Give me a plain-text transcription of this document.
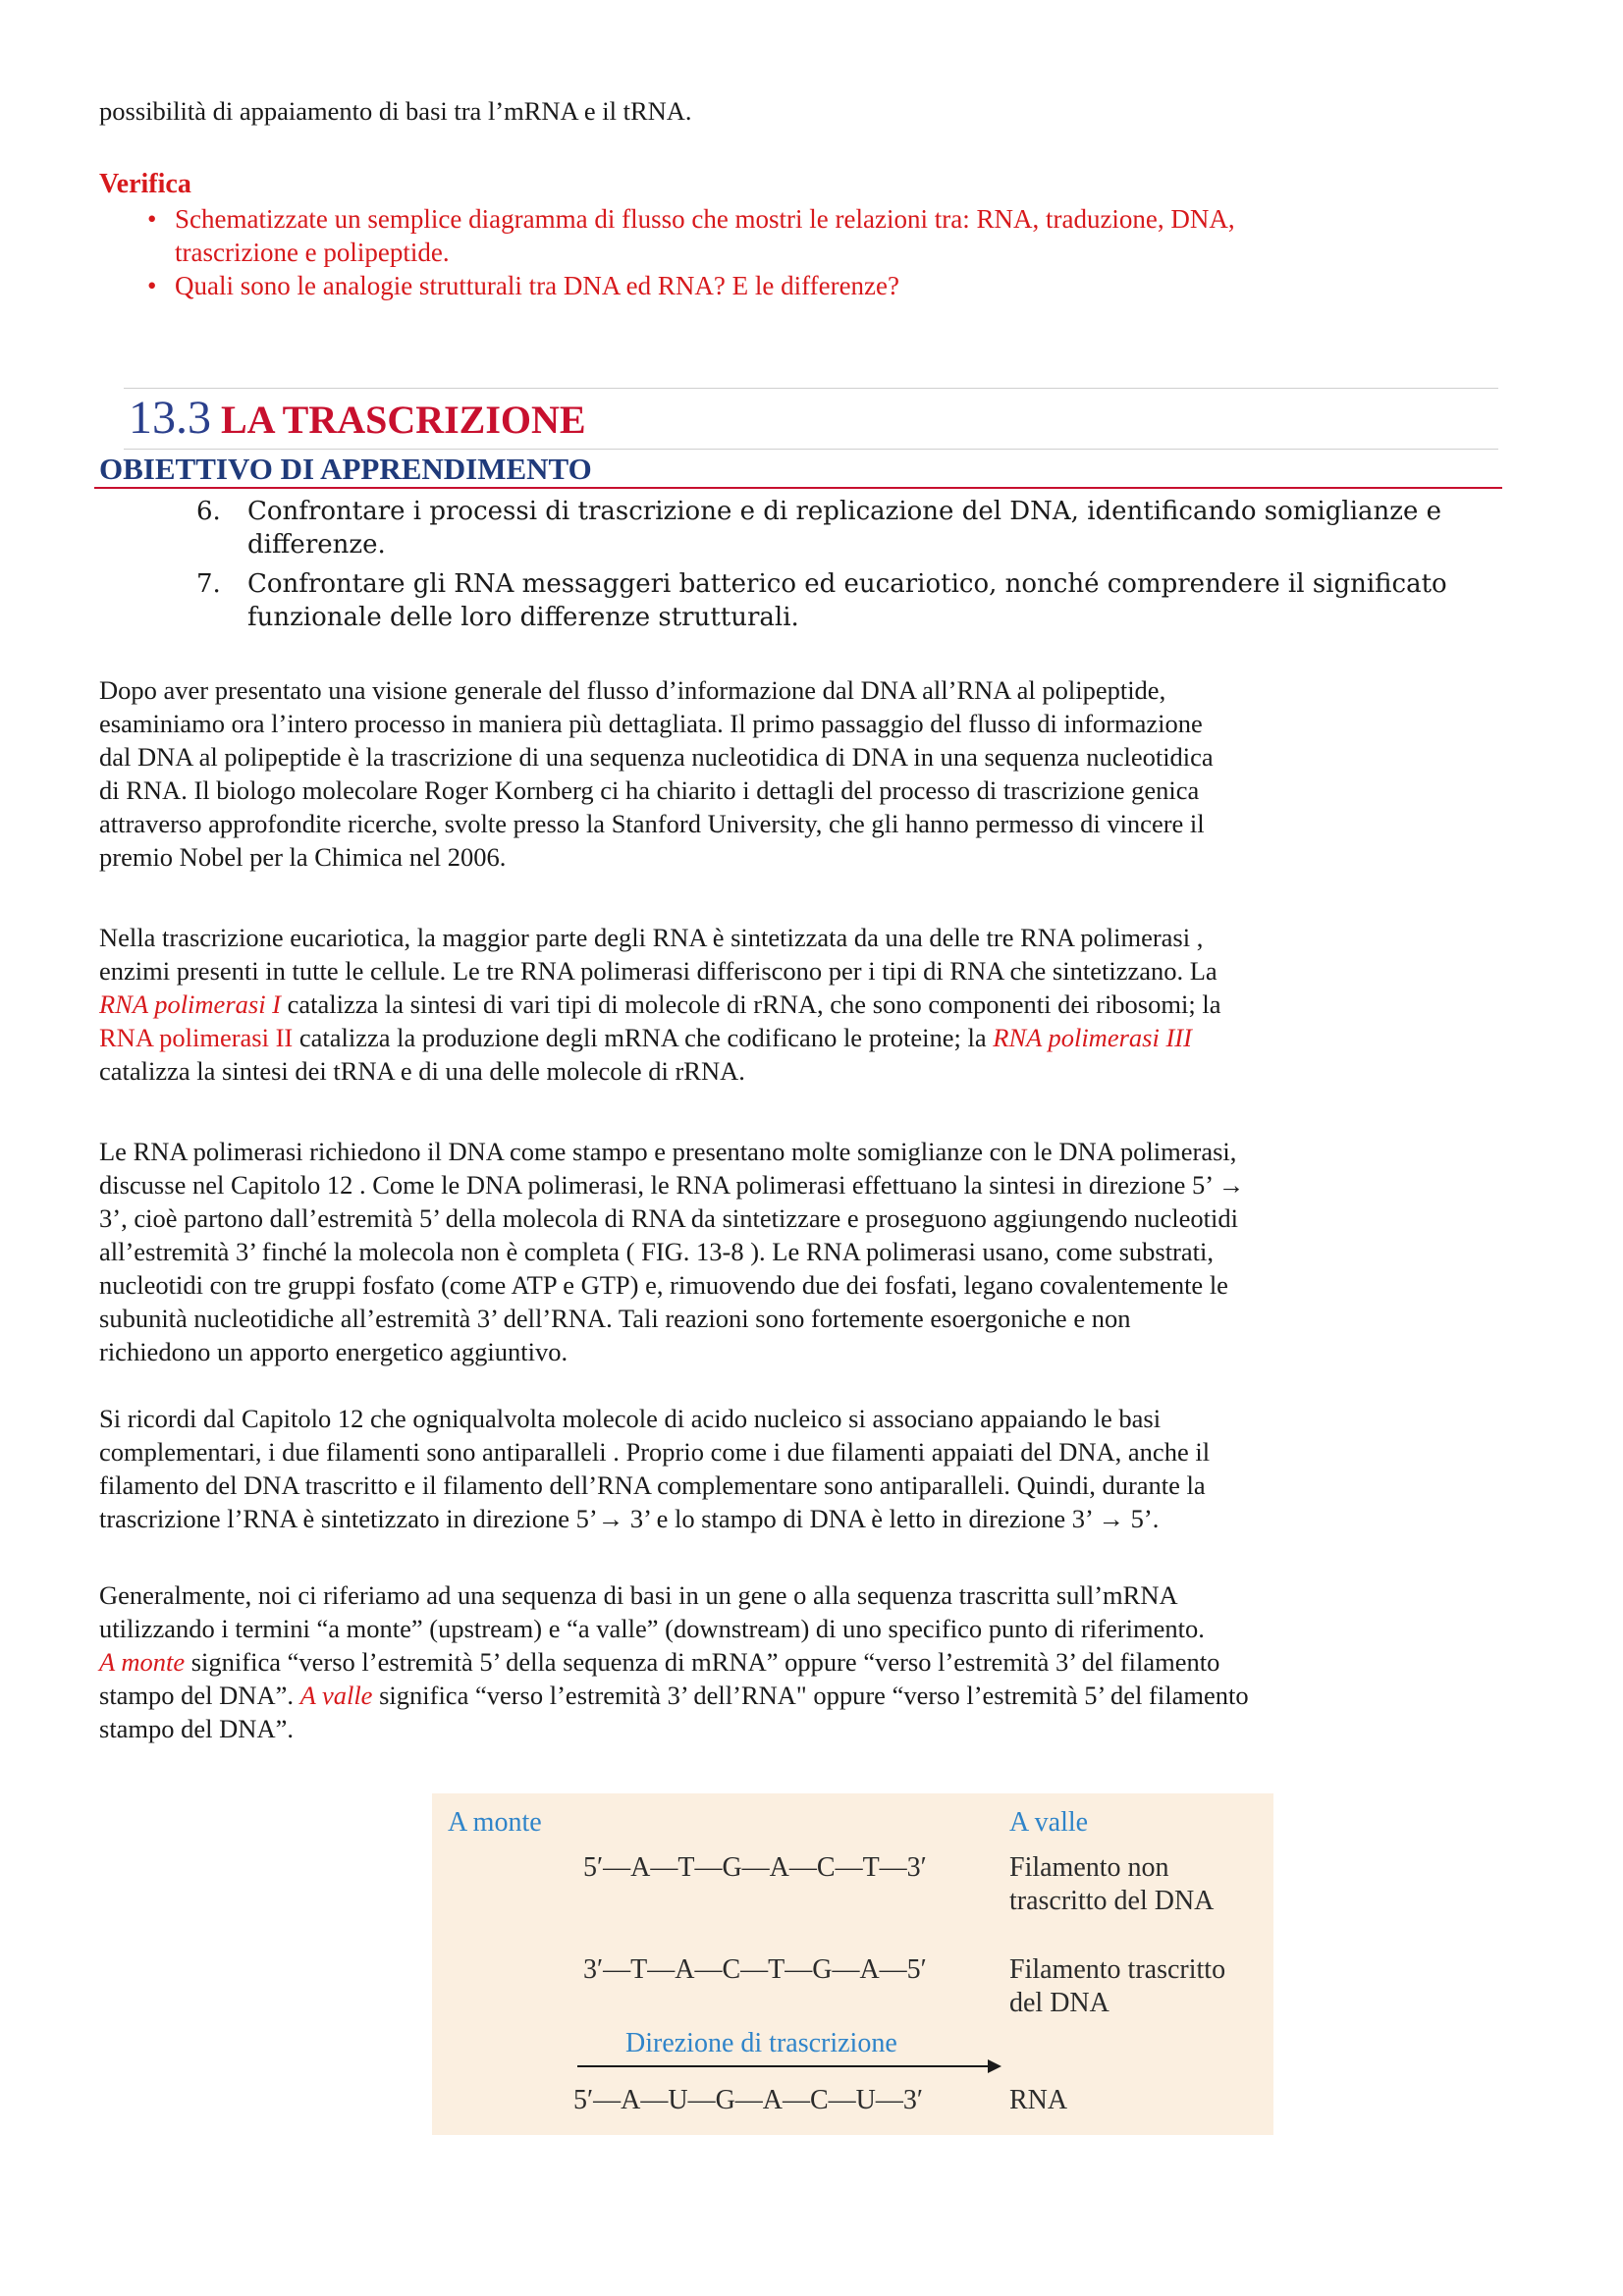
possibilità di appaiamento di basi tra l’mRNA e il tRNA.

Verifica

• Schematizzate un semplice diagramma di flusso che mostri le relazioni tra: RNA, traduzione, DNA,
trascrizione e polipeptide.
• Quali sono le analogie strutturali tra DNA ed RNA? E le differenze?
13.3 LA TRASCRIZIONE

OBIETTIVO DI APPRENDIMENTO

6. Confrontare i processi di trascrizione e di replicazione del DNA, identificando somiglianze e
differenze.
7. Confrontare gli RNA messaggeri batterico ed eucariotico, nonché comprendere il significato
funzionale delle loro differenze strutturali.

Dopo aver presentato una visione generale del flusso d’informazione dal DNA all’RNA al polipeptide,
esaminiamo ora l’intero processo in maniera più dettagliata. Il primo passaggio del flusso di informazione
dal DNA al polipeptide è la trascrizione di una sequenza nucleotidica di DNA in una sequenza nucleotidica
di RNA. Il biologo molecolare Roger Kornberg ci ha chiarito i dettagli del processo di trascrizione genica
attraverso approfondite ricerche, svolte presso la Stanford University, che gli hanno permesso di vincere il
premio Nobel per la Chimica nel 2006.

Nella trascrizione eucariotica, la maggior parte degli RNA è sintetizzata da una delle tre RNA polimerasi ,
enzimi presenti in tutte le cellule. Le tre RNA polimerasi differiscono per i tipi di RNA che sintetizzano. La
RNA polimerasi I catalizza la sintesi di vari tipi di molecole di rRNA, che sono componenti dei ribosomi; la
RNA polimerasi II catalizza la produzione degli mRNA che codificano le proteine; la RNA polimerasi III
catalizza la sintesi dei tRNA e di una delle molecole di rRNA.

Le RNA polimerasi richiedono il DNA come stampo e presentano molte somiglianze con le DNA polimerasi,
discusse nel Capitolo 12 . Come le DNA polimerasi, le RNA polimerasi effettuano la sintesi in direzione 5’ →
3’, cioè partono dall’estremità 5’ della molecola di RNA da sintetizzare e proseguono aggiungendo nucleotidi
all’estremità 3’ finché la molecola non è completa ( FIG. 13-8 ). Le RNA polimerasi usano, come substrati,
nucleotidi con tre gruppi fosfato (come ATP e GTP) e, rimuovendo due dei fosfati, legano covalentemente le
subunità nucleotidiche all’estremità 3’ dell’RNA. Tali reazioni sono fortemente esoergoniche e non
richiedono un apporto energetico aggiuntivo.

Si ricordi dal Capitolo 12 che ogniqualvolta molecole di acido nucleico si associano appaiando le basi
complementari, i due filamenti sono antiparalleli . Proprio come i due filamenti appaiati del DNA, anche il
filamento del DNA trascritto e il filamento dell’RNA complementare sono antiparalleli. Quindi, durante la
trascrizione l’RNA è sintetizzato in direzione 5’→ 3’ e lo stampo di DNA è letto in direzione 3’ → 5’.

Generalmente, noi ci riferiamo ad una sequenza di basi in un gene o alla sequenza trascritta sull’mRNA
utilizzando i termini “a monte” (upstream) e “a valle” (downstream) di uno specifico punto di riferimento.
A monte significa “verso l’estremità 5’ della sequenza di mRNA” oppure “verso l’estremità 3’ del filamento
stampo del DNA”. A valle significa “verso l’estremità 3’ dell’RNA" oppure “verso l’estremità 5’ del filamento
stampo del DNA”.

A monte	A valle
5′—A—T—G—A—C—T—3′	Filamento non
trascritto del DNA
3′—T—A—C—T—G—A—5′	Filamento trascritto
del DNA
Direzione di trascrizione
5′—A—U—G—A—C—U—3′	RNA
